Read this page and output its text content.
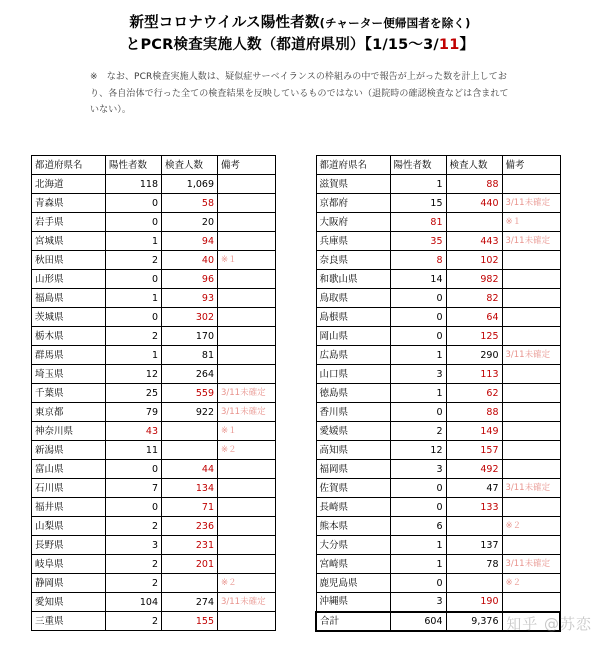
新型コロナウイルス陽性者数(チャーター便帰国者を除く)
とPCR検査実施人数（都道府県別）【1/15～3/11】

※　なお、PCR検査実施人数は、疑似症サーベイランスの枠組みの中で報告が上がった数を計上しており、各自治体で行った全ての検査結果を反映しているものではない（退院時の確認検査などは含まれていない）。

都道府県名	陽性者数	検査人数	備考
北海道	118	1,069	
青森県	0	58	
岩手県	0	20	
宮城県	1	94	
秋田県	2	40	※１
山形県	0	96	
福島県	1	93	
茨城県	0	302	
栃木県	2	170	
群馬県	1	81	
埼玉県	12	264	
千葉県	25	559	3/11未確定
東京都	79	922	3/11未確定
神奈川県	43		※１
新潟県	11		※２
富山県	0	44	
石川県	7	134	
福井県	0	71	
山梨県	2	236	
長野県	3	231	
岐阜県	2	201	
静岡県	2		※２
愛知県	104	274	3/11未確定
三重県	2	155	
都道府県名	陽性者数	検査人数	備考
滋賀県	1	88	
京都府	15	440	3/11未確定
大阪府	81		※１
兵庫県	35	443	3/11未確定
奈良県	8	102	
和歌山県	14	982	
鳥取県	0	82	
島根県	0	64	
岡山県	0	125	
広島県	1	290	3/11未確定
山口県	3	113	
徳島県	1	62	
香川県	0	88	
愛媛県	2	149	
高知県	12	157	
福岡県	3	492	
佐賀県	0	47	3/11未確定
長崎県	0	133	
熊本県	6		※２
大分県	1	137	
宮崎県	1	78	3/11未確定
鹿児島県	0		※２
沖縄県	3	190	
合計	604	9,376	知乎 @苏恋
